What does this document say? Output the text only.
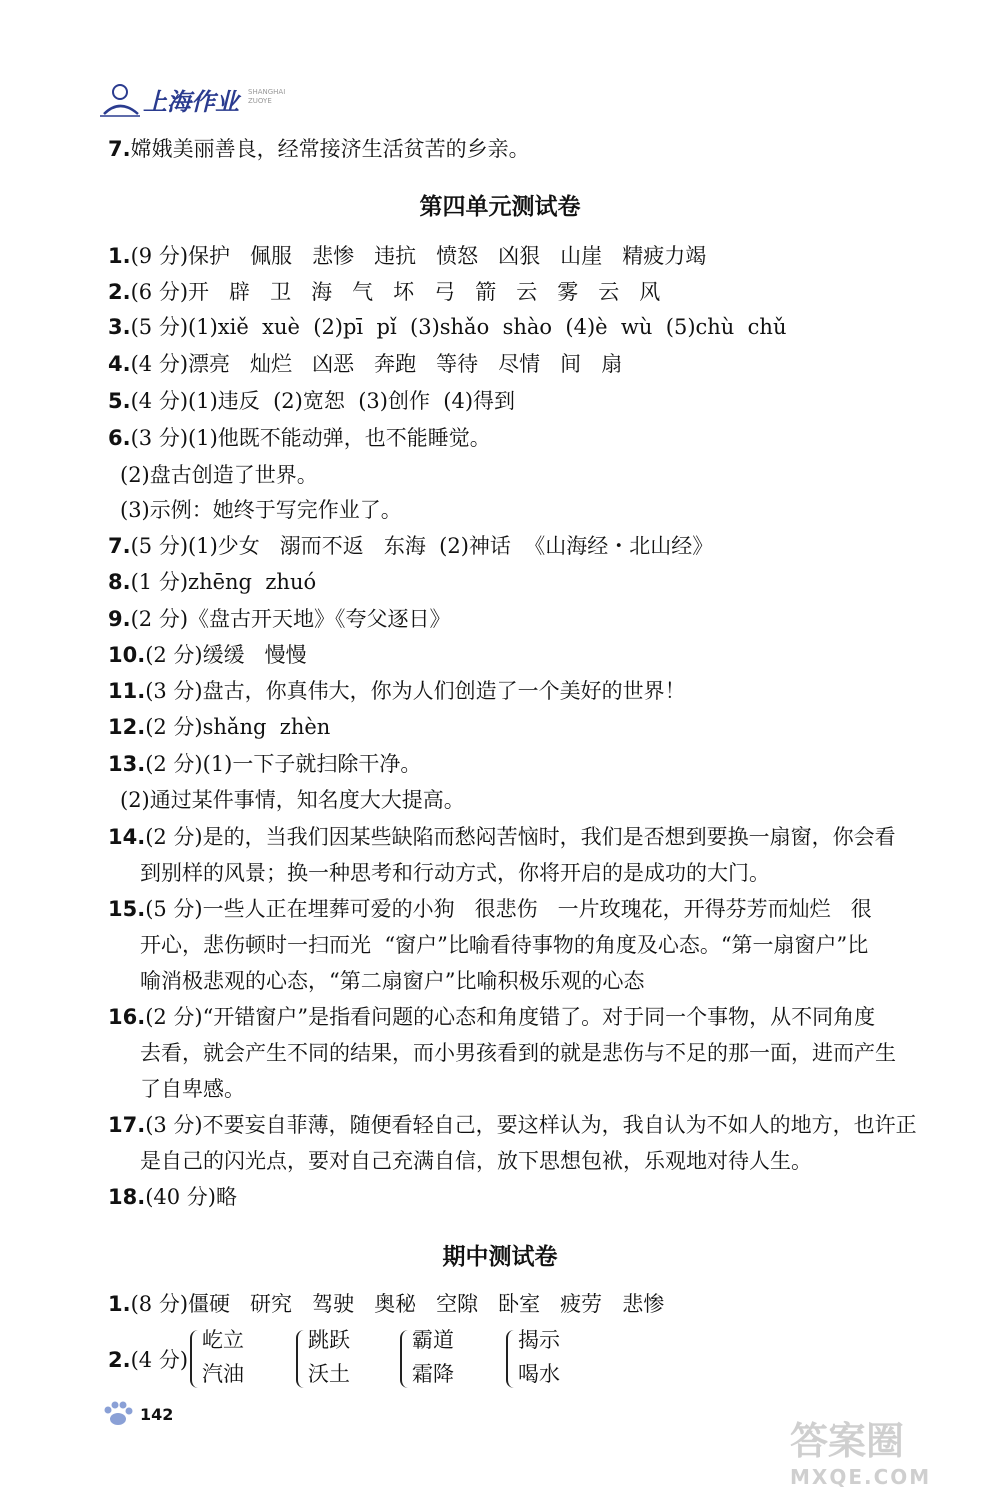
上海作业 SHANGHAI
ZUOYE
7.嫦娥美丽善良，经常接济生活贫苦的乡亲。
第四单元测试卷
1.(9 分)保护   佩服   悲惨   违抗   愤怒   凶狠   山崖   精疲力竭
2.(6 分)开   辟   卫   海   气   坏   弓   箭   云   雾   云   风
3.(5 分)(1)xiě  xuè  (2)pī  pǐ  (3)shǎo  shào  (4)è  wù  (5)chù  chǔ
4.(4 分)漂亮   灿烂   凶恶   奔跑   等待   尽情   间   扇
5.(4 分)(1)违反  (2)宽恕  (3)创作  (4)得到
6.(3 分)(1)他既不能动弹，也不能睡觉。
(2)盘古创造了世界。
(3)示例：她终于写完作业了。
7.(5 分)(1)少女   溺而不返   东海  (2)神话  《山海经・北山经》
8.(1 分)zhēng  zhuó
9.(2 分)《盘古开天地》《夸父逐日》
10.(2 分)缓缓   慢慢
11.(3 分)盘古，你真伟大，你为人们创造了一个美好的世界！
12.(2 分)shǎng  zhèn
13.(2 分)(1)一下子就扫除干净。
(2)通过某件事情，知名度大大提高。
14.(2 分)是的，当我们因某些缺陷而愁闷苦恼时，我们是否想到要换一扇窗，你会看
到别样的风景；换一种思考和行动方式，你将开启的是成功的大门。
15.(5 分)一些人正在埋葬可爱的小狗   很悲伤   一片玫瑰花，开得芬芳而灿烂   很
开心，悲伤顿时一扫而光  “窗户”比喻看待事物的角度及心态。“第一扇窗户”比
喻消极悲观的心态，“第二扇窗户”比喻积极乐观的心态
16.(2 分)“开错窗户”是指看问题的心态和角度错了。对于同一个事物，从不同角度
去看，就会产生不同的结果，而小男孩看到的就是悲伤与不足的那一面，进而产生
了自卑感。
17.(3 分)不要妄自菲薄，随便看轻自己，要这样认为，我自认为不如人的地方，也许正
是自己的闪光点，要对自己充满自信，放下思想包袱，乐观地对待人生。
18.(40 分)略
期中测试卷
1.(8 分)僵硬   研究   驾驶   奥秘   空隙   卧室   疲劳   悲惨
2.(4 分)
屹立
汽油
跳跃
沃土
霸道
霜降
揭示
喝水
142
答案圈
MXQE.COM
